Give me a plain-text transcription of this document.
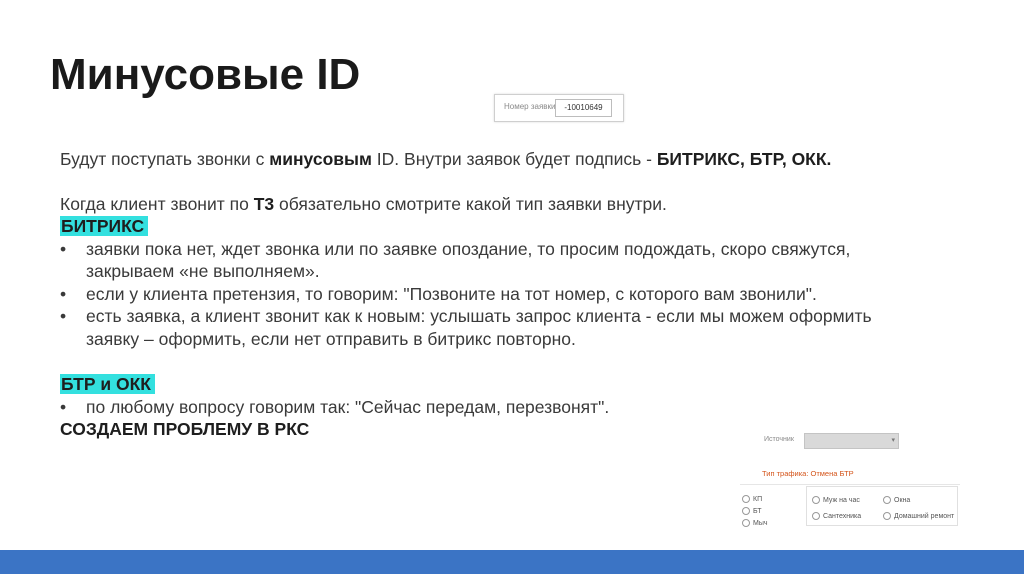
Минусовые ID
Номер заявки	-10010649

Будут поступать звонки с минусовым ID. Внутри заявок будет подпись - БИТРИКС, БТР, ОКК.

Когда клиент звонит по Т3 обязательно смотрите какой тип заявки внутри.

БИТРИКС

• заявки пока нет, ждет звонка или по заявке опоздание, то просим подождать, скоро свяжутся, закрываем «не выполняем».
• если у клиента претензия, то говорим: "Позвоните на тот номер, с которого вам звонили".
• есть заявка, а клиент звонит как к новым: услышать запрос клиента - если мы можем оформить заявку – оформить, если нет отправить в битрикс повторно.

БТР и ОКК

• по любому вопросу говорим так: "Сейчас передам, перезвонят".

СОЗДАЕМ ПРОБЛЕМУ В РКС

Источник	▾
Тип трафика: Отмена БТР
КП
БТ
Мыч
Муж на час	Окна
Сантехника	Домашний ремонт
